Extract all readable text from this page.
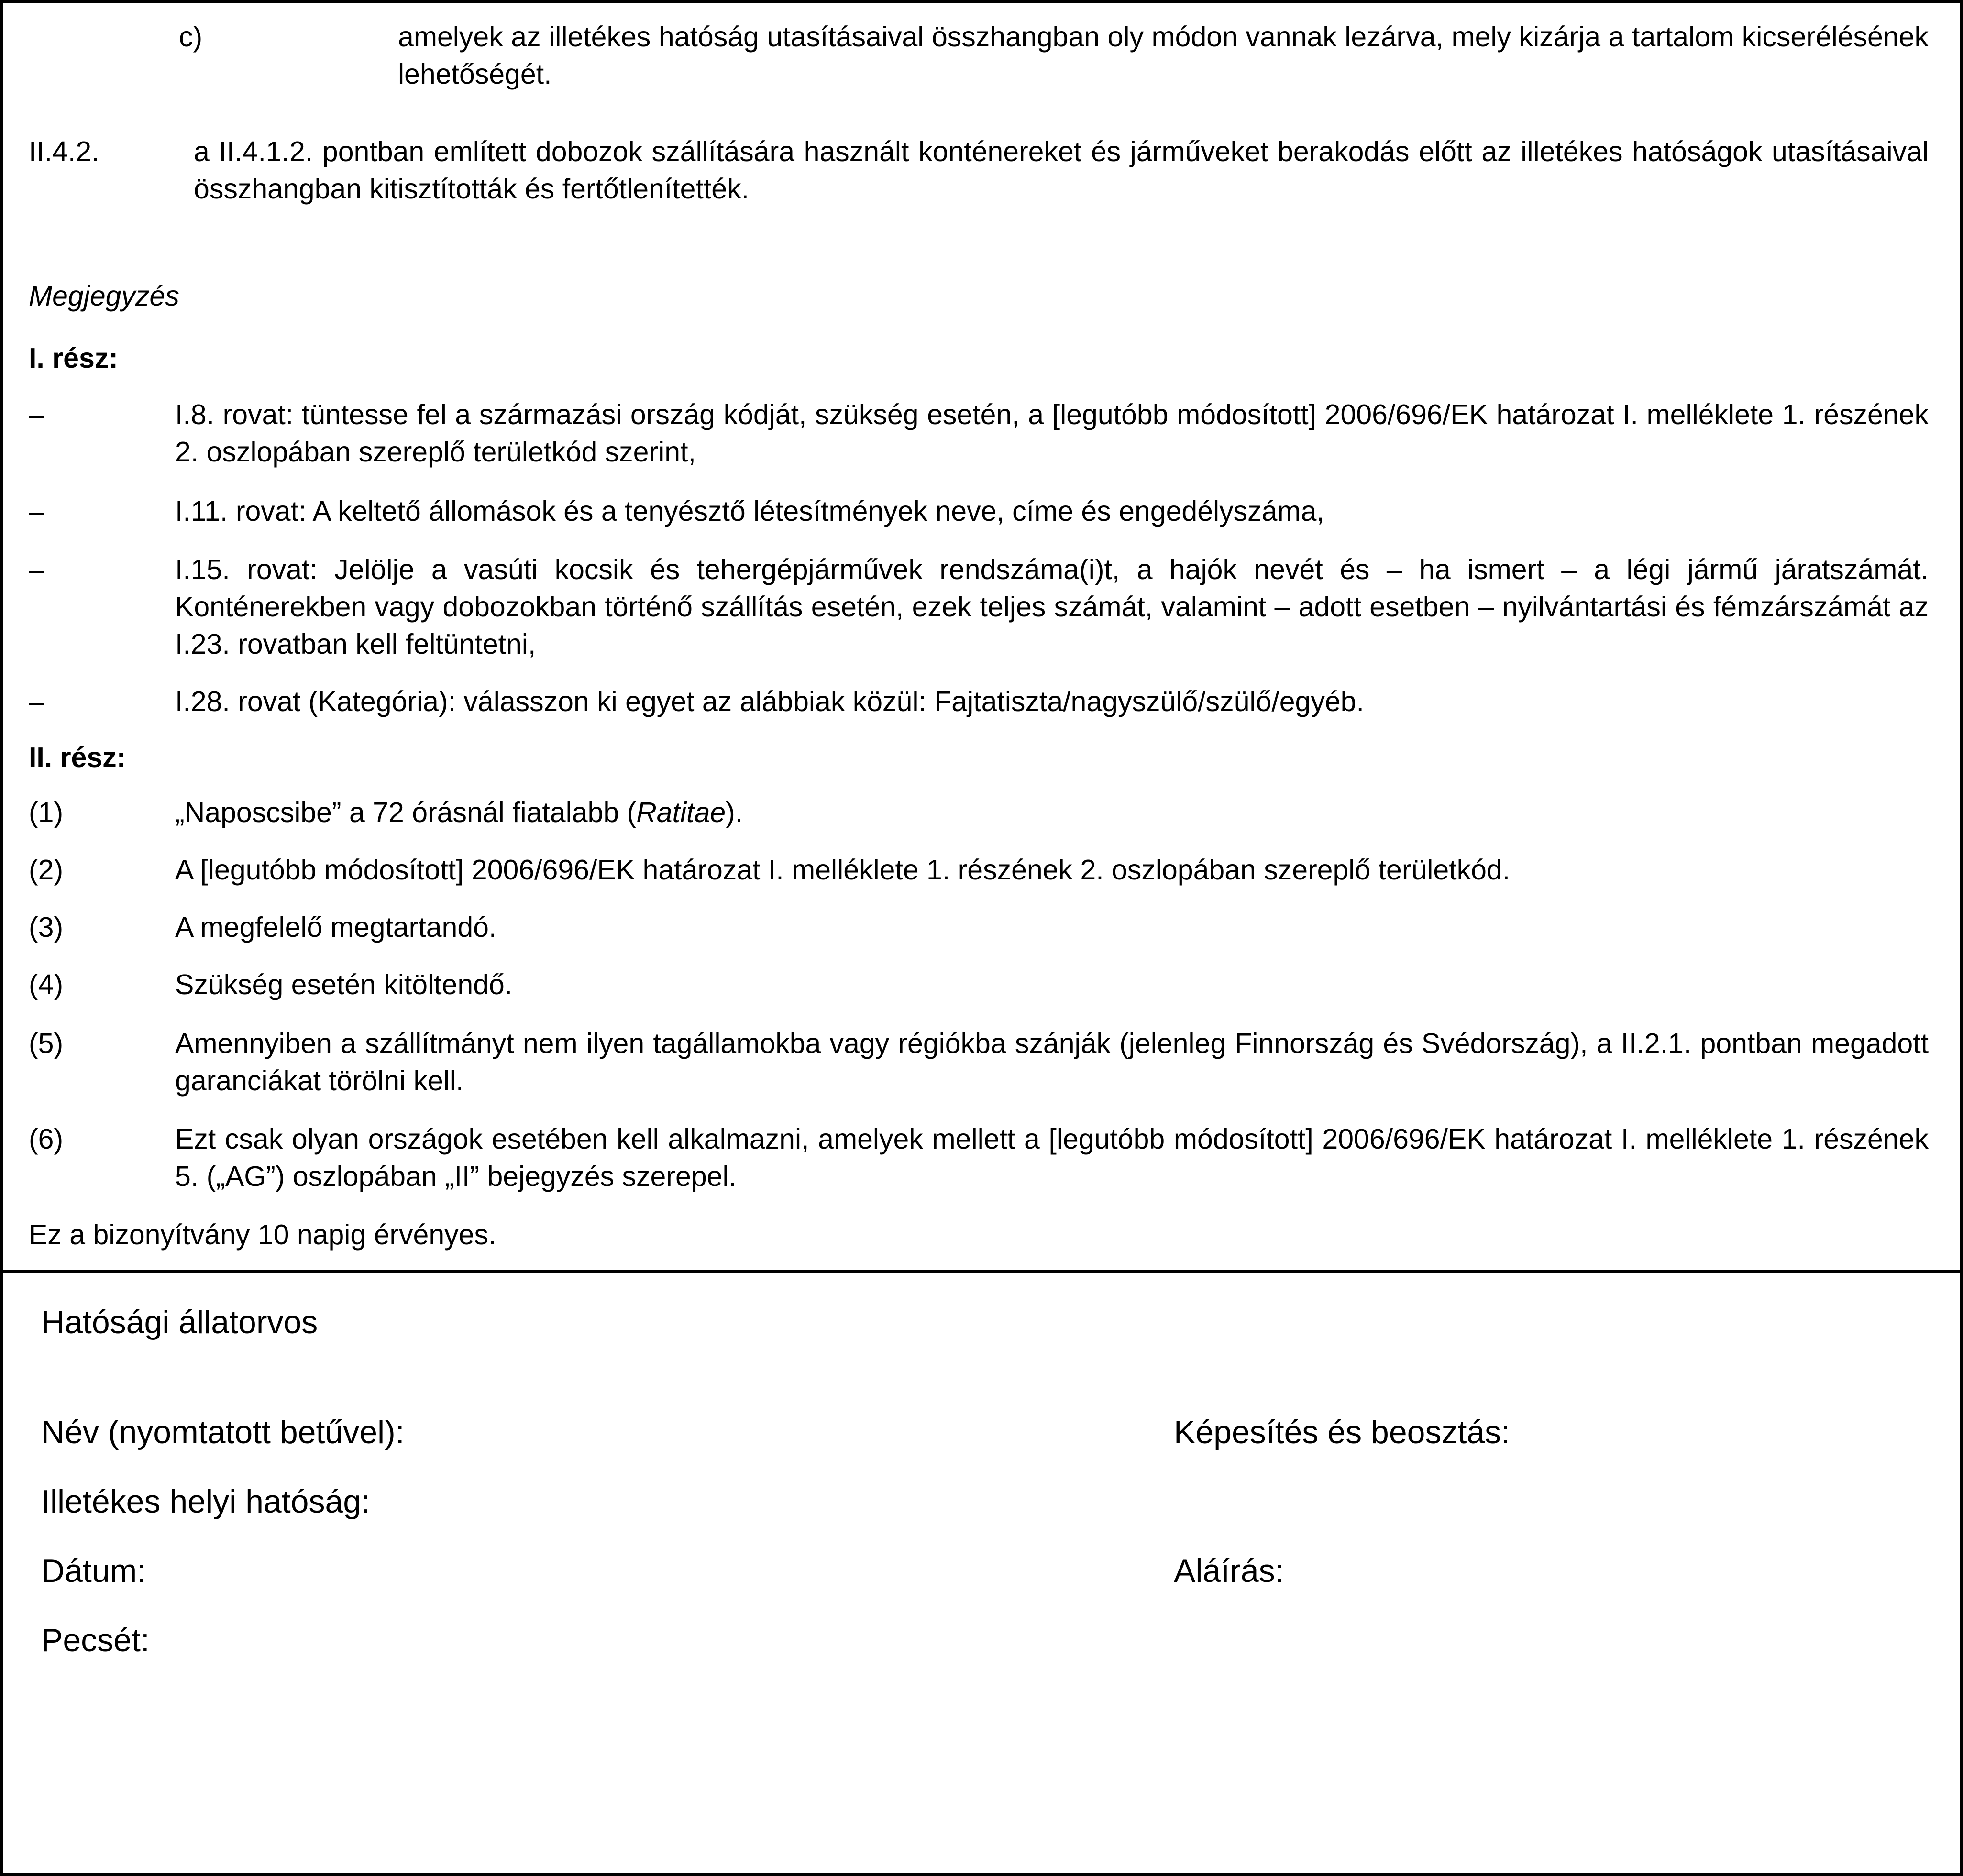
c)	amelyek az illetékes hatóság utasításaival összhangban oly módon vannak lezárva, mely kizárja a tartalom kicserélésének lehetőségét.

II.4.2.	a II.4.1.2. pontban említett dobozok szállítására használt konténereket és járműveket berakodás előtt az illetékes hatóságok utasításaival összhangban kitisztították és fertőtlenítették.

Megjegyzés

I. rész:

–	I.8. rovat: tüntesse fel a származási ország kódját, szükség esetén, a [legutóbb módosított] 2006/696/EK határozat I. melléklete 1. részének 2. oszlopában szereplő területkód szerint,

–	I.11. rovat: A keltető állomások és a tenyésztő létesítmények neve, címe és engedélyszáma,

–	I.15. rovat: Jelölje a vasúti kocsik és tehergépjárművek rendszáma(i)t, a hajók nevét és – ha ismert – a légi jármű járatszámát. Konténerekben vagy dobozokban történő szállítás esetén, ezek teljes számát, valamint – adott esetben – nyilvántartási és fémzárszámát az I.23. rovatban kell feltüntetni,

–	I.28. rovat (Kategória): válasszon ki egyet az alábbiak közül: Fajtatiszta/nagyszülő/szülő/egyéb.

II. rész:

(1)	„Naposcsibe” a 72 órásnál fiatalabb (Ratitae).

(2)	A [legutóbb módosított] 2006/696/EK határozat I. melléklete 1. részének 2. oszlopában szereplő területkód.

(3)	A megfelelő megtartandó.

(4)	Szükség esetén kitöltendő.

(5)	Amennyiben a szállítmányt nem ilyen tagállamokba vagy régiókba szánják (jelenleg Finnország és Svédország), a II.2.1. pontban megadott garanciákat törölni kell.

(6)	Ezt csak olyan országok esetében kell alkalmazni, amelyek mellett a [legutóbb módosított] 2006/696/EK határozat I. melléklete 1. részének 5. („AG”) oszlopában „II” bejegyzés szerepel.

Ez a bizonyítvány 10 napig érvényes.

Hatósági állatorvos

Név (nyomtatott betűvel):	Képesítés és beosztás:

Illetékes helyi hatóság:

Dátum:	Aláírás:

Pecsét:
